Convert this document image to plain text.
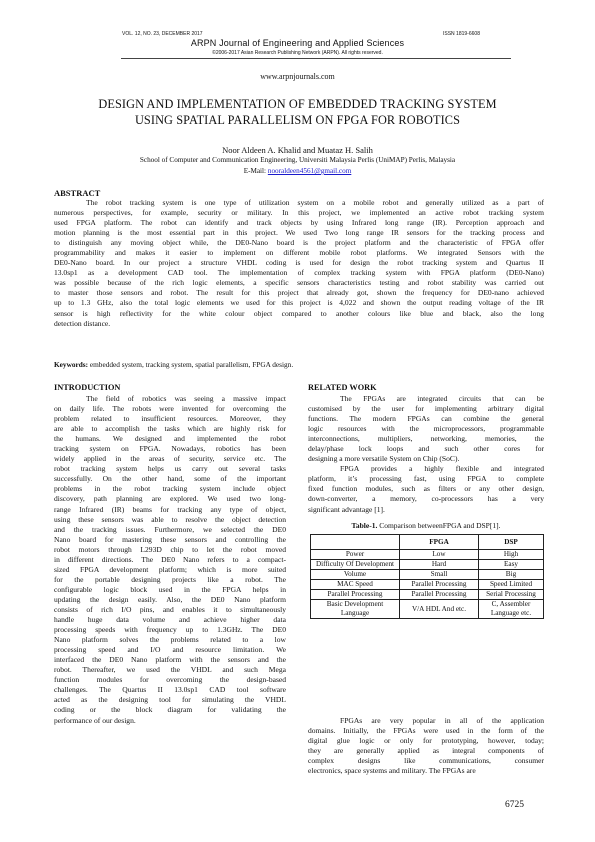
VOL. 12, NO. 23, DECEMBER 2017	ISSN 1819-6608
ARPN Journal of Engineering and Applied Sciences
©2006-2017 Asian Research Publishing Network (ARPN). All rights reserved.
www.arpnjournals.com
DESIGN AND IMPLEMENTATION OF EMBEDDED TRACKING SYSTEM
USING SPATIAL PARALLELISM ON FPGA FOR ROBOTICS
Noor Aldeen A. Khalid and Muataz H. Salih
School of Computer and Communication Engineering, Universiti Malaysia Perlis (UniMAP) Perlis, Malaysia
E-Mail: nooraldeen4561@gmail.com
ABSTRACT
The robot tracking system is one type of utilization system on a mobile robot and generally utilized as a part of
numerous perspectives, for example, security or military. In this project, we implemented an active robot tracking system
used FPGA platform. The robot can identify and track objects by using Infrared long range (IR). Perception approach and
motion planning is the most essential part in this project. We used Two long range IR sensors for the tracking process and
to distinguish any moving object while, the DE0-Nano board is the project platform and the characteristic of FPGA offer
programmability and makes it easier to implement on different mobile robot platforms. We integrated Sensors with the
DE0-Nano board. In our project a structure VHDL coding is used for design the robot tracking system and Quartus II
13.0sp1 as a development CAD tool. The implementation of complex tracking system with FPGA platform (DE0-Nano)
was possible because of the rich logic elements, a specific sensors characteristics testing and robot stability was carried out
to master those sensors and robot. The result for this project that already got, shown the frequency for DE0-nano achieved
up to 1.3 GHz, also the total logic elements we used for this project is 4,022 and shown the output reading voltage of the IR
sensor is high reflectivity for the white colour object compared to another colours like blue and black, also the long
detection distance.
Keywords: embedded system, tracking system, spatial parallelism, FPGA design.
INTRODUCTION
The field of robotics was seeing a massive impact
on daily life. The robots were invented for overcoming the
problem related to insufficient resources. Moreover, they
are able to accomplish the tasks which are highly risk for
the humans. We designed and implemented the robot
tracking system on FPGA. Nowadays, robotics has been
widely applied in the areas of security, service etc. The
robot tracking system helps us carry out several tasks
successfully. On the other hand, some of the important
problems in the robot tracking system include object
discovery, path planning are explored. We used two long-
range Infrared (IR) beams for tracking any type of object,
using these sensors was able to resolve the object detection
and the tracking issues. Furthermore, we selected the DE0
Nano board for mastering these sensors and controlling the
robot motors through L293D chip to let the robot moved
in different directions. The DE0 Nano refers to a compact-
sized FPGA development platform; which is more suited
for the portable designing projects like a robot. The
configurable logic block used in the FPGA helps in
updating the design easily. Also, the DE0 Nano platform
consists of rich I/O pins, and enables it to simultaneously
handle huge data volume and achieve higher data
processing speeds with frequency up to 1.3GHz. The DE0
Nano platform solves the problems related to a low
processing speed and I/O and resource limitation. We
interfaced the DE0 Nano platform with the sensors and the
robot. Thereafter, we used the VHDL and such Mega
function modules for overcoming the design-based
challenges. The Quartus II 13.0sp1 CAD tool software
acted as the designing tool for simulating the VHDL
coding or the block diagram for validating the
performance of our design.
RELATED WORK
The FPGAs are integrated circuits that can be
customised by the user for implementing arbitrary digital
functions. The modern FPGAs can combine the general
logic resources with the microprocessors, programmable
interconnections, multipliers, networking, memories, the
delay/phase lock loops and such other cores for
designing a more versatile System on Chip (SoC).
FPGA provides a highly flexible and integrated
platform, it’s processing fast, using FPGA to complete
fixed function modules, such as filters or any other design,
down-converter, a memory, co-processors has a very
significant advantage [1].
Table-1. Comparison betweenFPGA and DSP[1].
	FPGA	DSP
Power	Low	High
Difficulty Of Development	Hard	Easy
Volume	Small	Big
MAC Speed	Parallel Processing	Speed Limited
Parallel Processing	Parallel Processing	Serial Processing
Basic Development Language	V/A HDL And etc.	C, Assembler Language etc.
FPGAs are very popular in all of the application
domains. Initially, the FPGAs were used in the form of the
digital glue logic or only for prototyping, however, today;
they are generally applied as integral components of
complex designs like communications, consumer
electronics, space systems and military. The FPGAs are
6725
